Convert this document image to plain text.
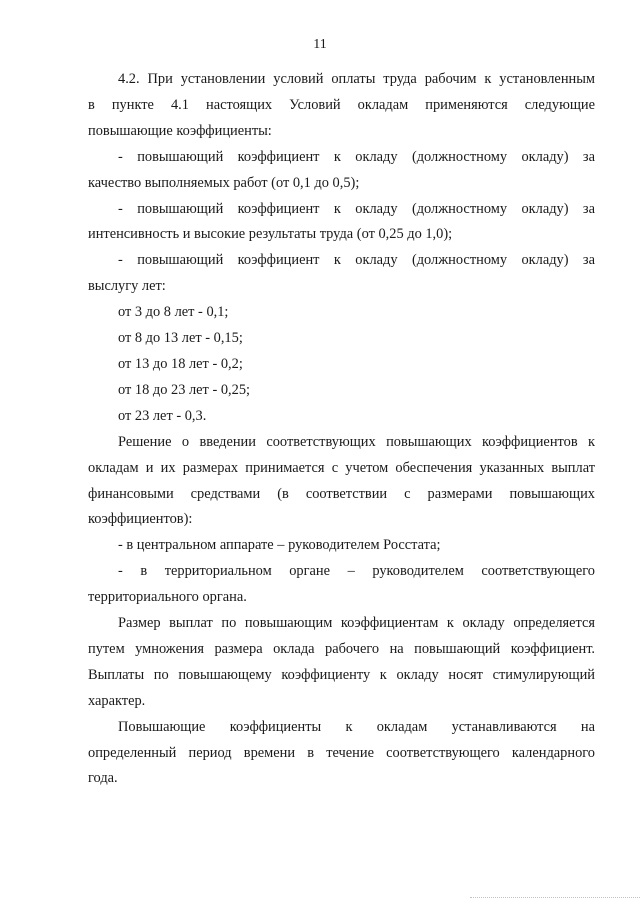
11
4.2. При установлении условий оплаты труда рабочим к установленным
в пункте 4.1 настоящих Условий окладам применяются следующие
повышающие коэффициенты:
- повышающий коэффициент к окладу (должностному окладу) за
качество выполняемых работ (от 0,1 до 0,5);
- повышающий коэффициент к окладу (должностному окладу) за
интенсивность и высокие результаты труда (от 0,25 до 1,0);
- повышающий коэффициент к окладу (должностному окладу) за
выслугу лет:
от 3 до 8 лет - 0,1;
от 8 до 13 лет - 0,15;
от 13 до 18 лет - 0,2;
от 18 до 23 лет - 0,25;
от 23 лет - 0,3.
Решение о введении соответствующих повышающих коэффициентов к
окладам и их размерах принимается с учетом обеспечения указанных выплат
финансовыми средствами (в соответствии с размерами повышающих
коэффициентов):
- в центральном аппарате – руководителем Росстата;
- в территориальном органе – руководителем соответствующего
территориального органа.
Размер выплат по повышающим коэффициентам к окладу определяется
путем умножения размера оклада рабочего на повышающий коэффициент.
Выплаты по повышающему коэффициенту к окладу носят стимулирующий
характер.
Повышающие коэффициенты к окладам устанавливаются на
определенный период времени в течение соответствующего календарного
года.
